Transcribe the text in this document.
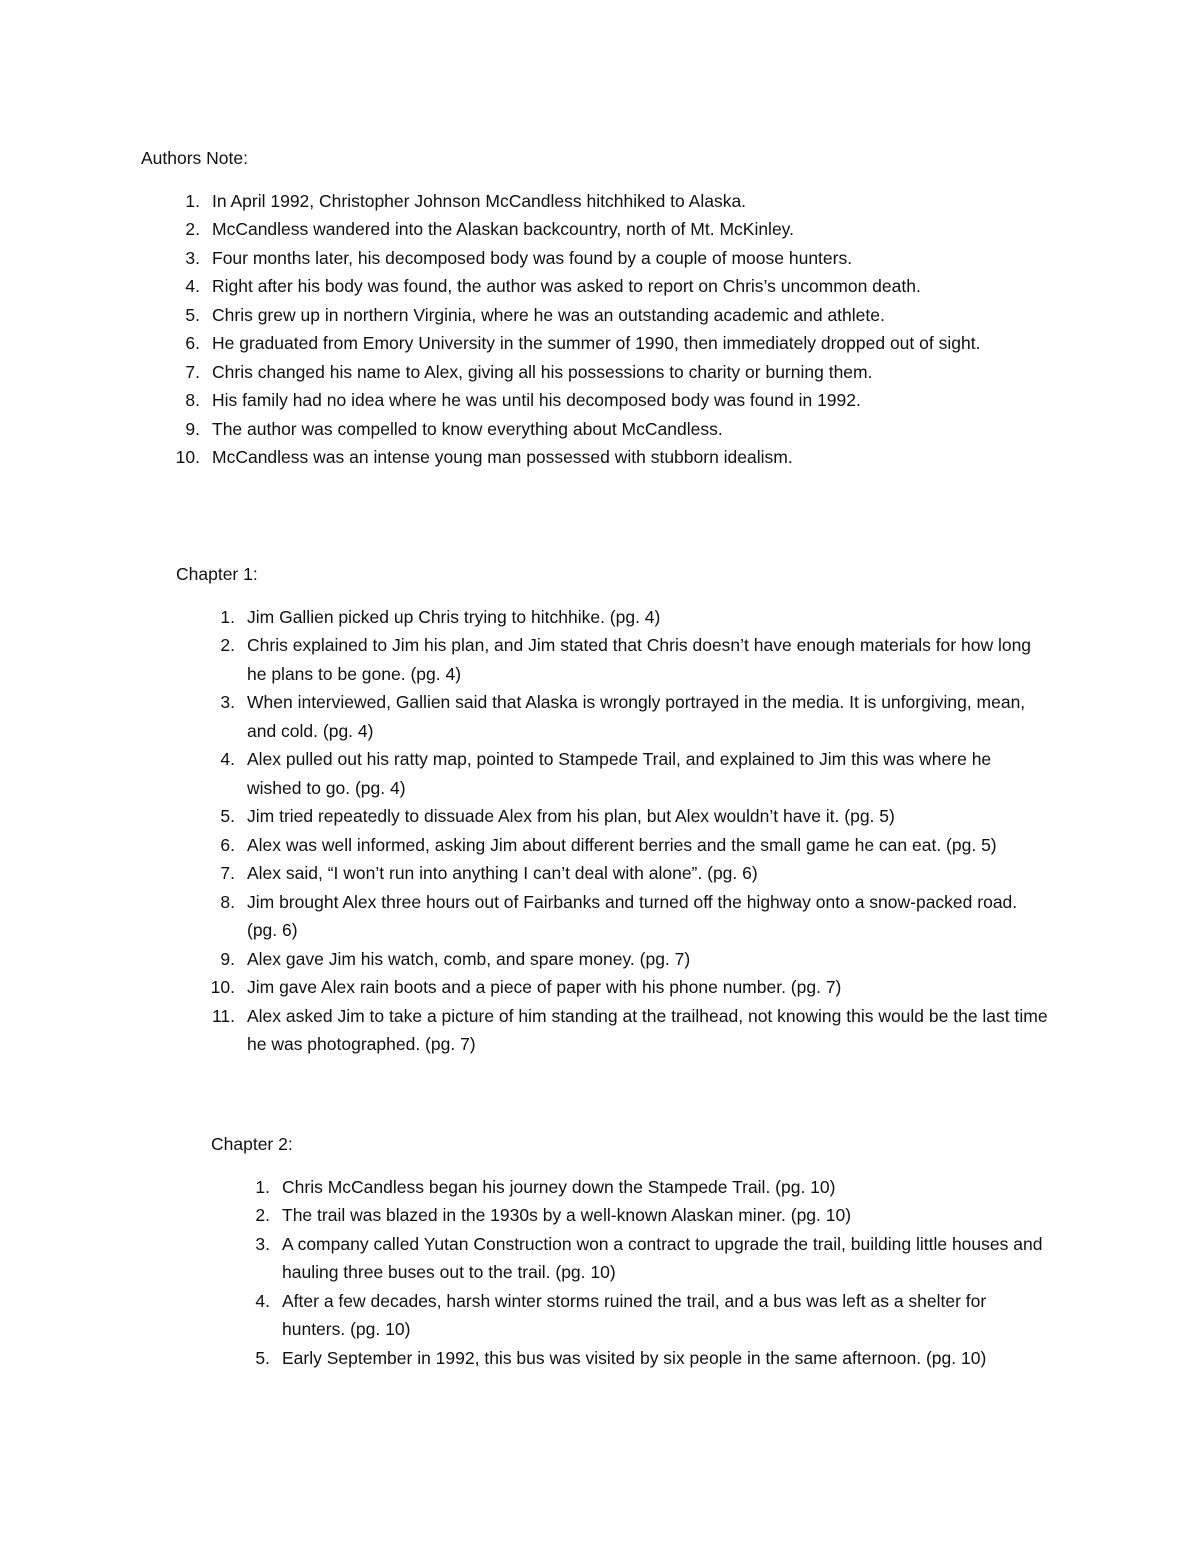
Authors Note:

1. In April 1992, Christopher Johnson McCandless hitchhiked to Alaska.
2. McCandless wandered into the Alaskan backcountry, north of Mt. McKinley.
3. Four months later, his decomposed body was found by a couple of moose hunters.
4. Right after his body was found, the author was asked to report on Chris’s uncommon death.
5. Chris grew up in northern Virginia, where he was an outstanding academic and athlete.
6. He graduated from Emory University in the summer of 1990, then immediately dropped out of sight.
7. Chris changed his name to Alex, giving all his possessions to charity or burning them.
8. His family had no idea where he was until his decomposed body was found in 1992.
9. The author was compelled to know everything about McCandless.
10. McCandless was an intense young man possessed with stubborn idealism.

Chapter 1:

1. Jim Gallien picked up Chris trying to hitchhike. (pg. 4)
2. Chris explained to Jim his plan, and Jim stated that Chris doesn’t have enough materials for how long he plans to be gone. (pg. 4)
3. When interviewed, Gallien said that Alaska is wrongly portrayed in the media. It is unforgiving, mean, and cold. (pg. 4)
4. Alex pulled out his ratty map, pointed to Stampede Trail, and explained to Jim this was where he wished to go. (pg. 4)
5. Jim tried repeatedly to dissuade Alex from his plan, but Alex wouldn’t have it. (pg. 5)
6. Alex was well informed, asking Jim about different berries and the small game he can eat. (pg. 5)
7. Alex said, “I won’t run into anything I can’t deal with alone”. (pg. 6)
8. Jim brought Alex three hours out of Fairbanks and turned off the highway onto a snow-packed road. (pg. 6)
9. Alex gave Jim his watch, comb, and spare money. (pg. 7)
10. Jim gave Alex rain boots and a piece of paper with his phone number. (pg. 7)
11. Alex asked Jim to take a picture of him standing at the trailhead, not knowing this would be the last time he was photographed. (pg. 7)

Chapter 2:

1. Chris McCandless began his journey down the Stampede Trail. (pg. 10)
2. The trail was blazed in the 1930s by a well-known Alaskan miner. (pg. 10)
3. A company called Yutan Construction won a contract to upgrade the trail, building little houses and hauling three buses out to the trail. (pg. 10)
4. After a few decades, harsh winter storms ruined the trail, and a bus was left as a shelter for hunters. (pg. 10)
5. Early September in 1992, this bus was visited by six people in the same afternoon. (pg. 10)
